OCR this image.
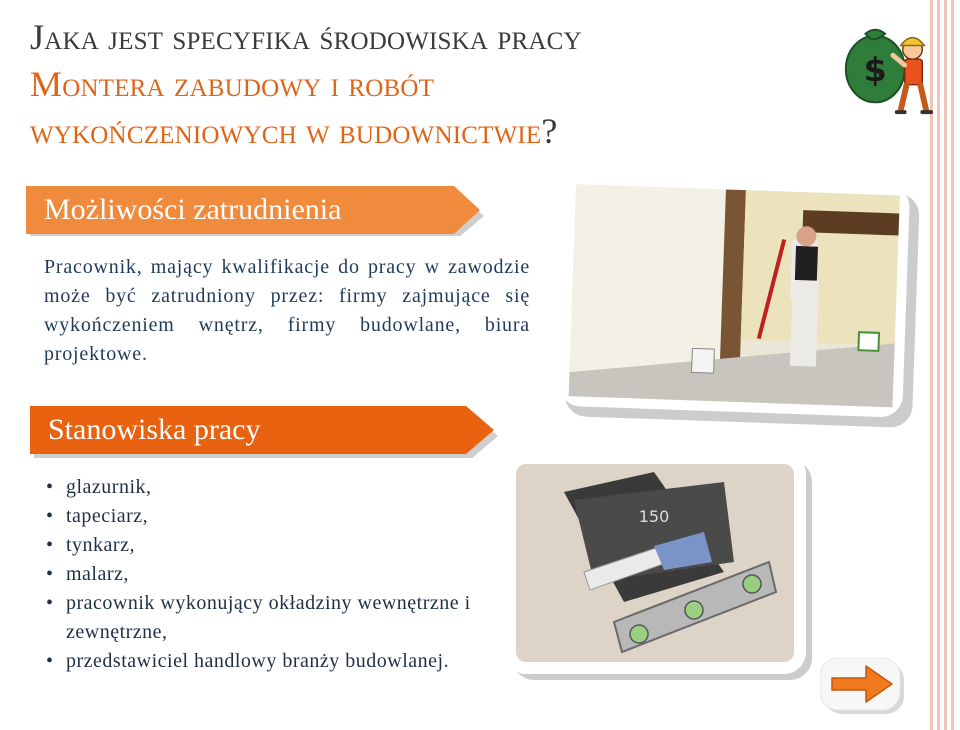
Jaka jest specyfika środowiska pracy
Montera zabudowy i robót
wykończeniowych w budownictwie?
$
Możliwości zatrudnienia

Pracownik, mający kwalifikacje do pracy w zawodzie może być zatrudniony przez: firmy zajmujące się wykończeniem wnętrz, firmy budowlane, biura projektowe.

Stanowiska pracy
• glazurnik,
• tapeciarz,
• tynkarz,
• malarz,
• pracownik wykonujący okładziny wewnętrzne i zewnętrzne,
• przedstawiciel handlowy branży budowlanej.
150
